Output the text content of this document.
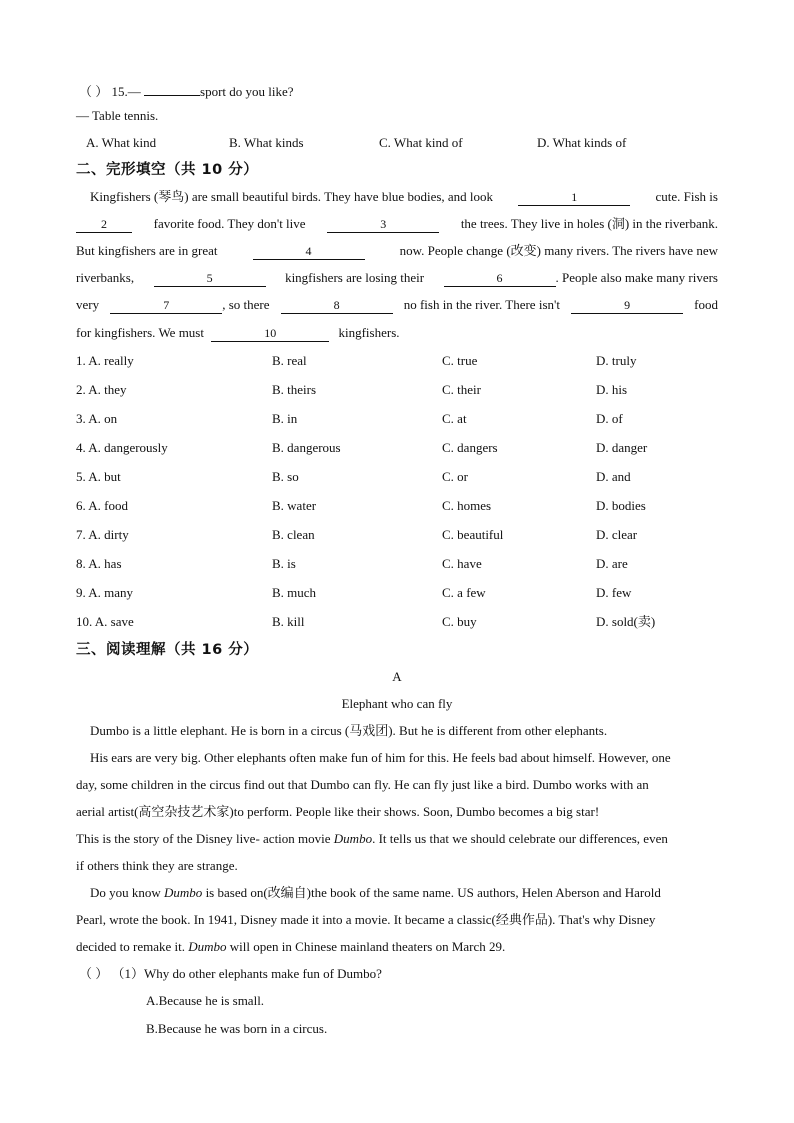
（ ） 15.—	sport do you like?
— Table tennis.
A. What kind	B. What kinds	C. What kind of	D. What kinds of
二、完形填空（共 10 分）
Kingfishers (琴鸟) are small beautiful birds. They have blue bodies, and look	1	cute. Fish is
2	favorite food. They don't live	3	the trees. They live in holes (洞) in the riverbank.
But kingfishers are in great	4	now. People change (改变) many rivers. The rivers have new
riverbanks,	5	kingfishers are losing their	6	. People also make many rivers
very	7	, so there	8	no fish in the river. There isn't	9	food
for kingfishers. We must	10	kingfishers.
1. A. really	B. real	C. true	D. truly
2. A. they	B. theirs	C. their	D. his
3. A. on	B. in	C. at	D. of
4. A. dangerously	B. dangerous	C. dangers	D. danger
5. A. but	B. so	C. or	D. and
6. A. food	B. water	C. homes	D. bodies
7. A. dirty	B. clean	C. beautiful	D. clear
8. A. has	B. is	C. have	D. are
9. A. many	B. much	C. a few	D. few
10. A. save	B. kill	C. buy	D. sold(卖)
三、阅读理解（共 16 分）
A
Elephant who can fly
Dumbo is a little elephant. He is born in a circus (马戏团). But he is different from other elephants.
His ears are very big. Other elephants often make fun of him for this. He feels bad about himself. However, one
day, some children in the circus find out that Dumbo can fly. He can fly just like a bird. Dumbo works with an
aerial artist(高空杂技艺术家)to perform. People like their shows. Soon, Dumbo becomes a big star!
This is the story of the Disney live- action movie Dumbo. It tells us that we should celebrate our differences, even
if others think they are strange.
Do you know Dumbo is based on(改编自)the book of the same name. US authors, Helen Aberson and Harold
Pearl, wrote the book. In 1941, Disney made it into a movie. It became a classic(经典作品). That's why Disney
decided to remake it. Dumbo will open in Chinese mainland theaters on March 29.
（ ） （1）Why do other elephants make fun of Dumbo?
A.Because he is small.
B.Because he was born in a circus.
